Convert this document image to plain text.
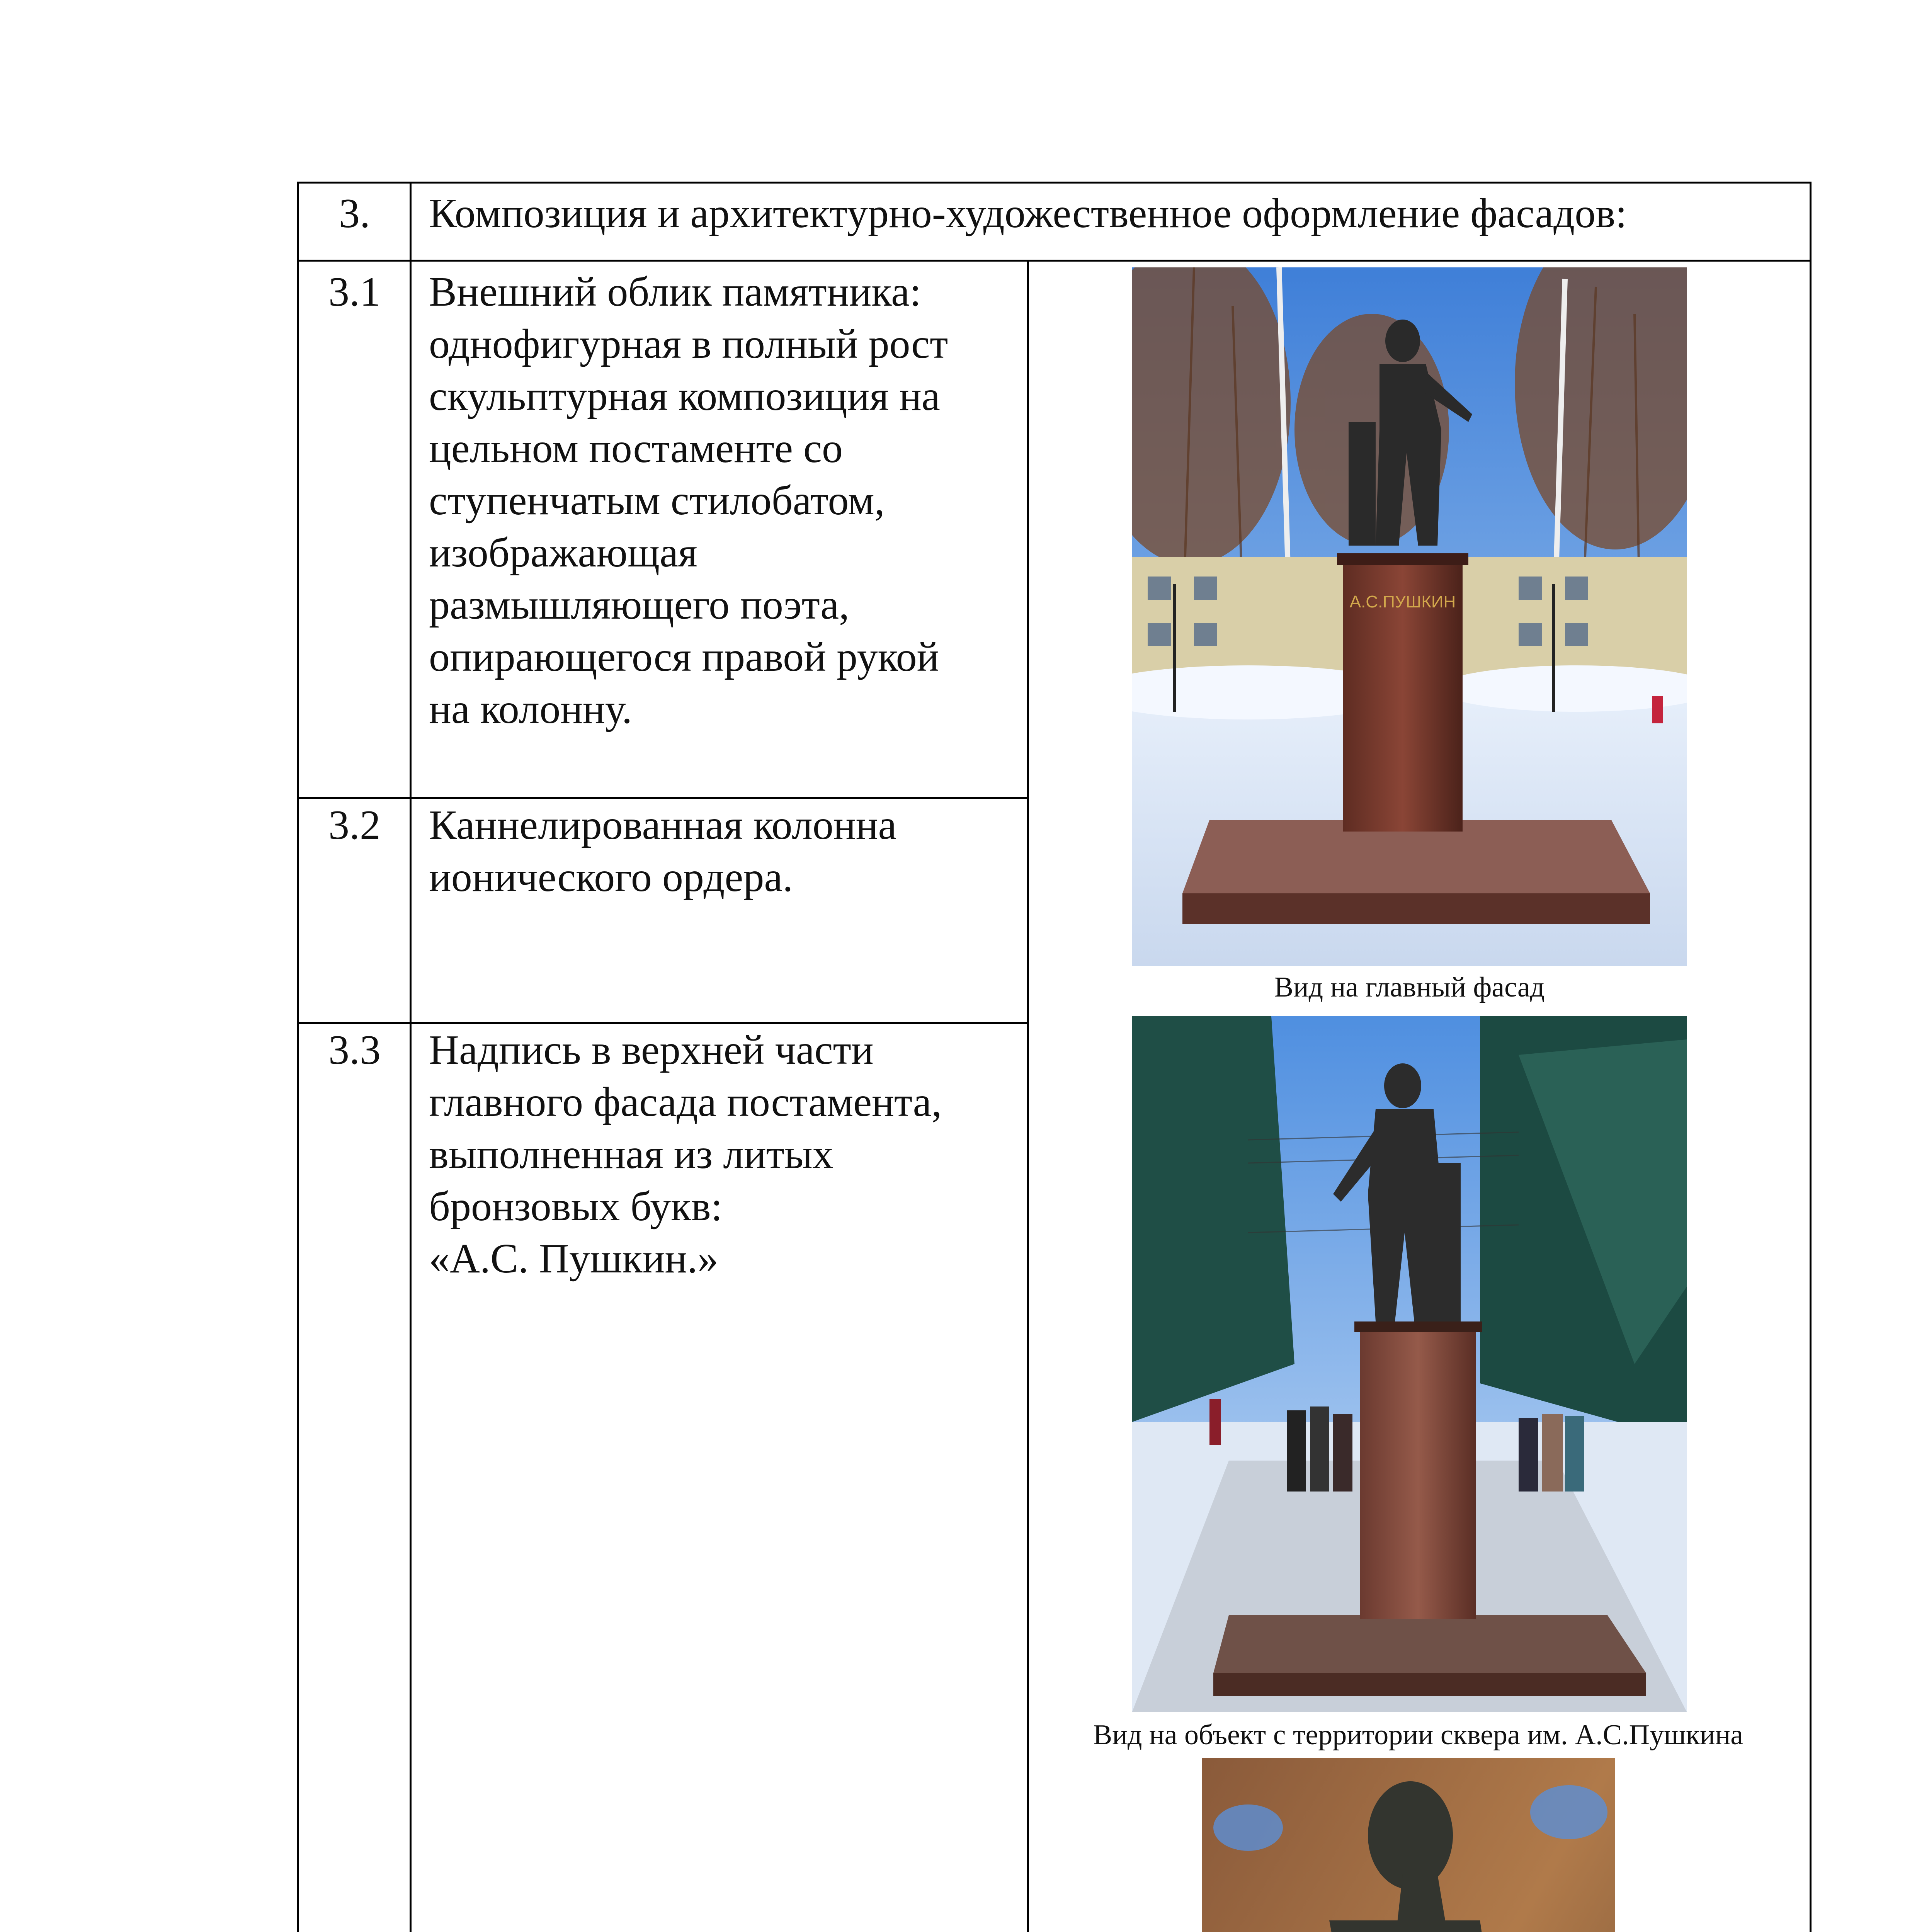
3.	Композиция и архитектурно-художественное оформление фасадов:
3.1	Внешний облик памятника:
однофигурная в полный рост
скульптурная композиция на
цельном постаменте со
ступенчатым стилобатом,
изображающая
размышляющего поэта,
опирающегося правой рукой
на колонну.
3.2	Каннелированная колонна
ионического ордера.
3.3	Надпись в верхней части
главного фасада постамента,
выполненная из литых
бронзовых букв:
«А.С. Пушкин.»
А.С.ПУШКИН
Вид на главный фасад
Вид на объект с территории сквера им. А.С.Пушкина
